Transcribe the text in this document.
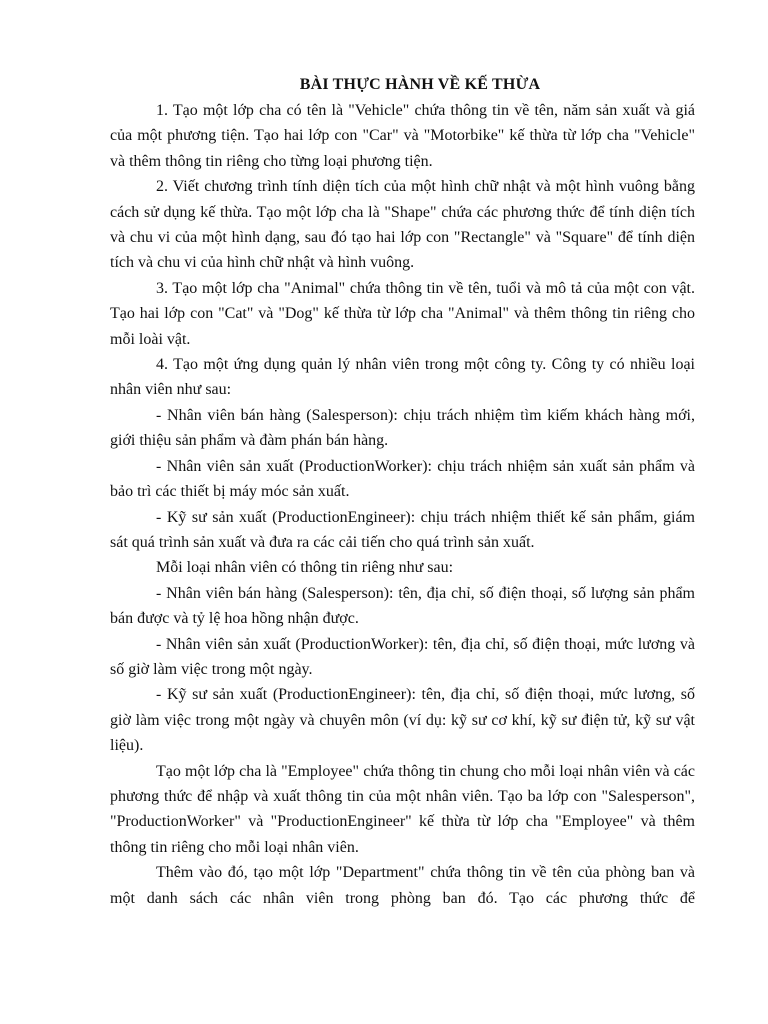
BÀI THỰC HÀNH VỀ KẾ THỪA

1. Tạo một lớp cha có tên là "Vehicle" chứa thông tin về tên, năm sản xuất và giá của một phương tiện. Tạo hai lớp con "Car" và "Motorbike" kế thừa từ lớp cha "Vehicle" và thêm thông tin riêng cho từng loại phương tiện.

2. Viết chương trình tính diện tích của một hình chữ nhật và một hình vuông bằng cách sử dụng kế thừa. Tạo một lớp cha là "Shape" chứa các phương thức để tính diện tích và chu vi của một hình dạng, sau đó tạo hai lớp con "Rectangle" và "Square" để tính diện tích và chu vi của hình chữ nhật và hình vuông.

3. Tạo một lớp cha "Animal" chứa thông tin về tên, tuổi và mô tả của một con vật. Tạo hai lớp con "Cat" và "Dog" kế thừa từ lớp cha "Animal" và thêm thông tin riêng cho mỗi loài vật.

4. Tạo một ứng dụng quản lý nhân viên trong một công ty. Công ty có nhiều loại nhân viên như sau:

- Nhân viên bán hàng (Salesperson): chịu trách nhiệm tìm kiếm khách hàng mới, giới thiệu sản phẩm và đàm phán bán hàng.

- Nhân viên sản xuất (ProductionWorker): chịu trách nhiệm sản xuất sản phẩm và bảo trì các thiết bị máy móc sản xuất.

- Kỹ sư sản xuất (ProductionEngineer): chịu trách nhiệm thiết kế sản phẩm, giám sát quá trình sản xuất và đưa ra các cải tiến cho quá trình sản xuất.

Mỗi loại nhân viên có thông tin riêng như sau:

- Nhân viên bán hàng (Salesperson): tên, địa chỉ, số điện thoại, số lượng sản phẩm bán được và tỷ lệ hoa hồng nhận được.

- Nhân viên sản xuất (ProductionWorker): tên, địa chỉ, số điện thoại, mức lương và số giờ làm việc trong một ngày.

- Kỹ sư sản xuất (ProductionEngineer): tên, địa chỉ, số điện thoại, mức lương, số giờ làm việc trong một ngày và chuyên môn (ví dụ: kỹ sư cơ khí, kỹ sư điện tử, kỹ sư vật liệu).

Tạo một lớp cha là "Employee" chứa thông tin chung cho mỗi loại nhân viên và các phương thức để nhập và xuất thông tin của một nhân viên. Tạo ba lớp con "Salesperson", "ProductionWorker" và "ProductionEngineer" kế thừa từ lớp cha "Employee" và thêm thông tin riêng cho mỗi loại nhân viên.

Thêm vào đó, tạo một lớp "Department" chứa thông tin về tên của phòng ban và một danh sách các nhân viên trong phòng ban đó. Tạo các phương thức để
